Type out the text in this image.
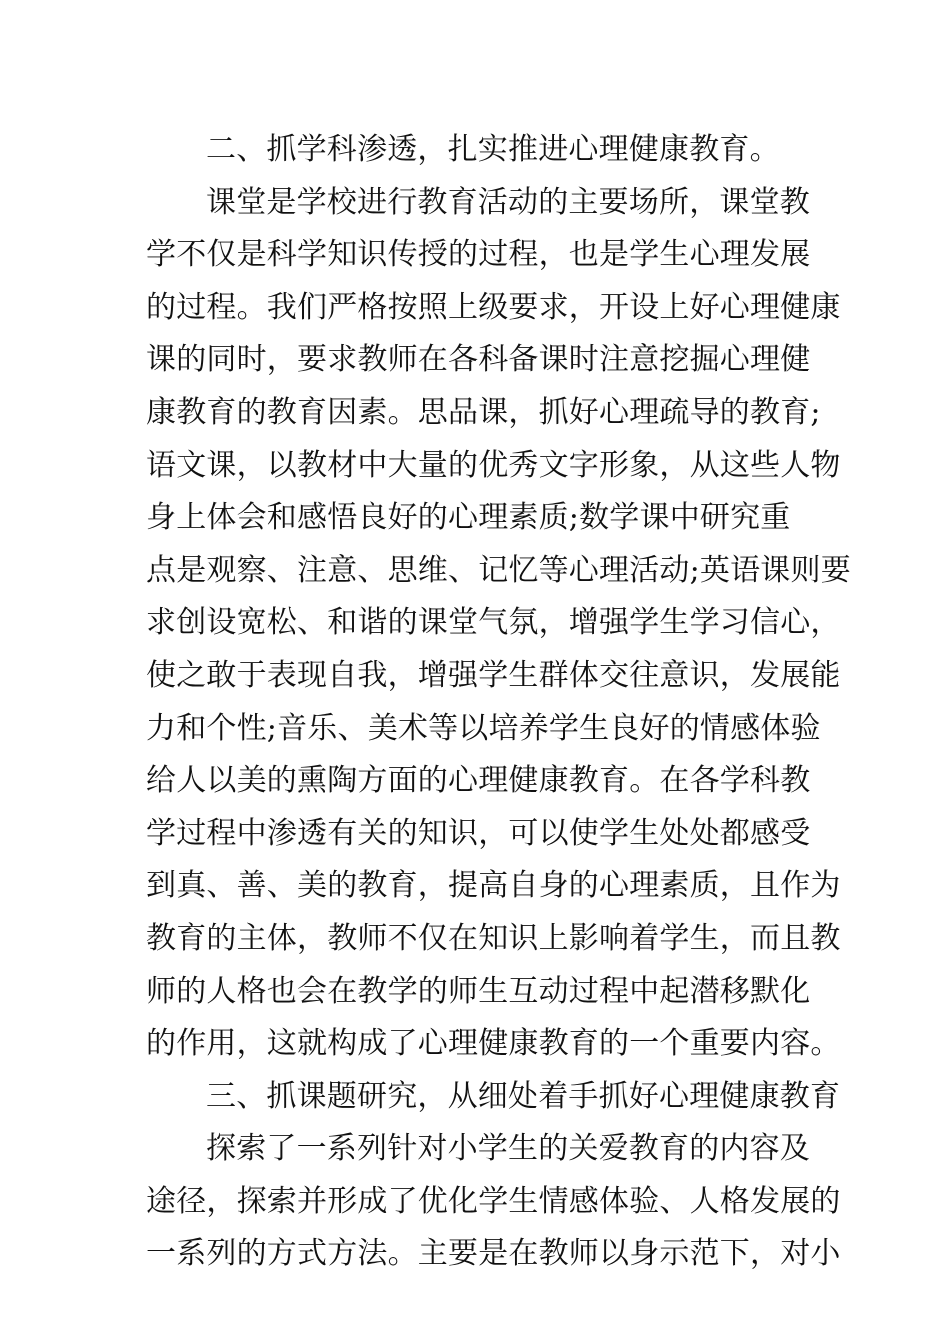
二、抓学科渗透，扎实推进心理健康教育。
课堂是学校进行教育活动的主要场所，课堂教
学不仅是科学知识传授的过程，也是学生心理发展
的过程。我们严格按照上级要求，开设上好心理健康
课的同时，要求教师在各科备课时注意挖掘心理健
康教育的教育因素。思品课，抓好心理疏导的教育;
语文课，以教材中大量的优秀文字形象，从这些人物
身上体会和感悟良好的心理素质;数学课中研究重
点是观察、注意、思维、记忆等心理活动;英语课则要
求创设宽松、和谐的课堂气氛，增强学生学习信心，
使之敢于表现自我，增强学生群体交往意识，发展能
力和个性;音乐、美术等以培养学生良好的情感体验
给人以美的熏陶方面的心理健康教育。在各学科教
学过程中渗透有关的知识，可以使学生处处都感受
到真、善、美的教育，提高自身的心理素质，且作为
教育的主体，教师不仅在知识上影响着学生，而且教
师的人格也会在教学的师生互动过程中起潜移默化
的作用，这就构成了心理健康教育的一个重要内容。
三、抓课题研究，从细处着手抓好心理健康教育
探索了一系列针对小学生的关爱教育的内容及
途径，探索并形成了优化学生情感体验、人格发展的
一系列的方式方法。主要是在教师以身示范下，对小
